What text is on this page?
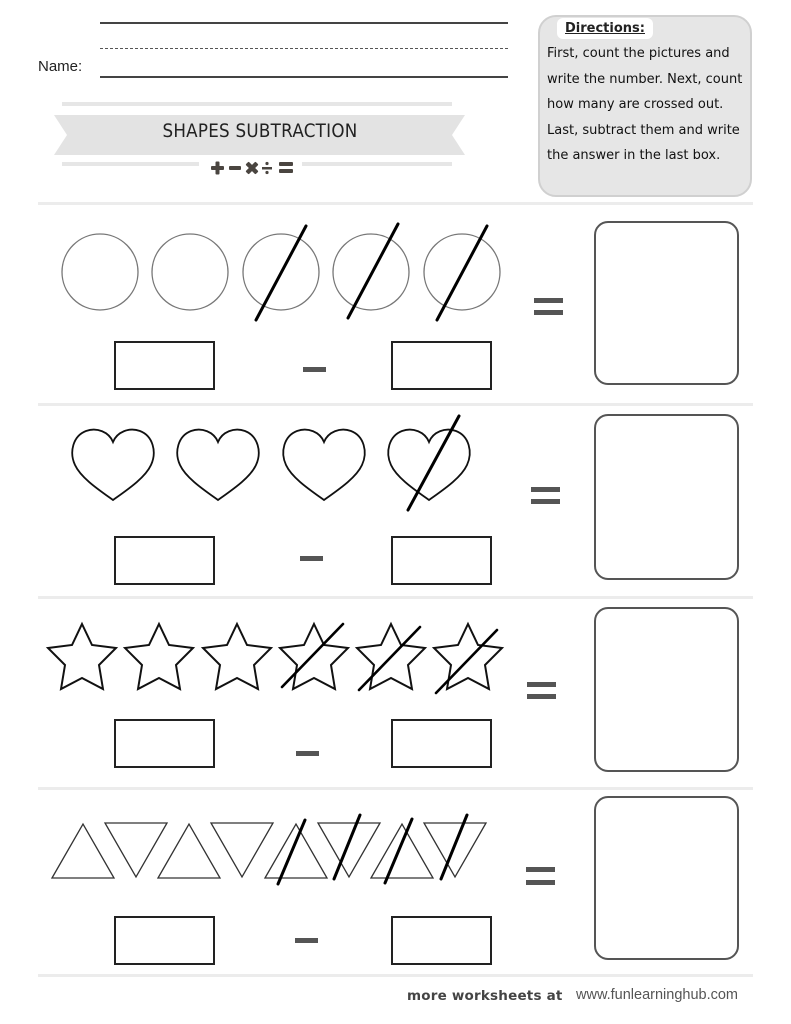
Name:
SHAPES SUBTRACTION
Directions:
First, count the pictures and write the number. Next, count how many are crossed out. Last, subtract them and write the answer in the last box.
more worksheets at www.funlearninghub.com
